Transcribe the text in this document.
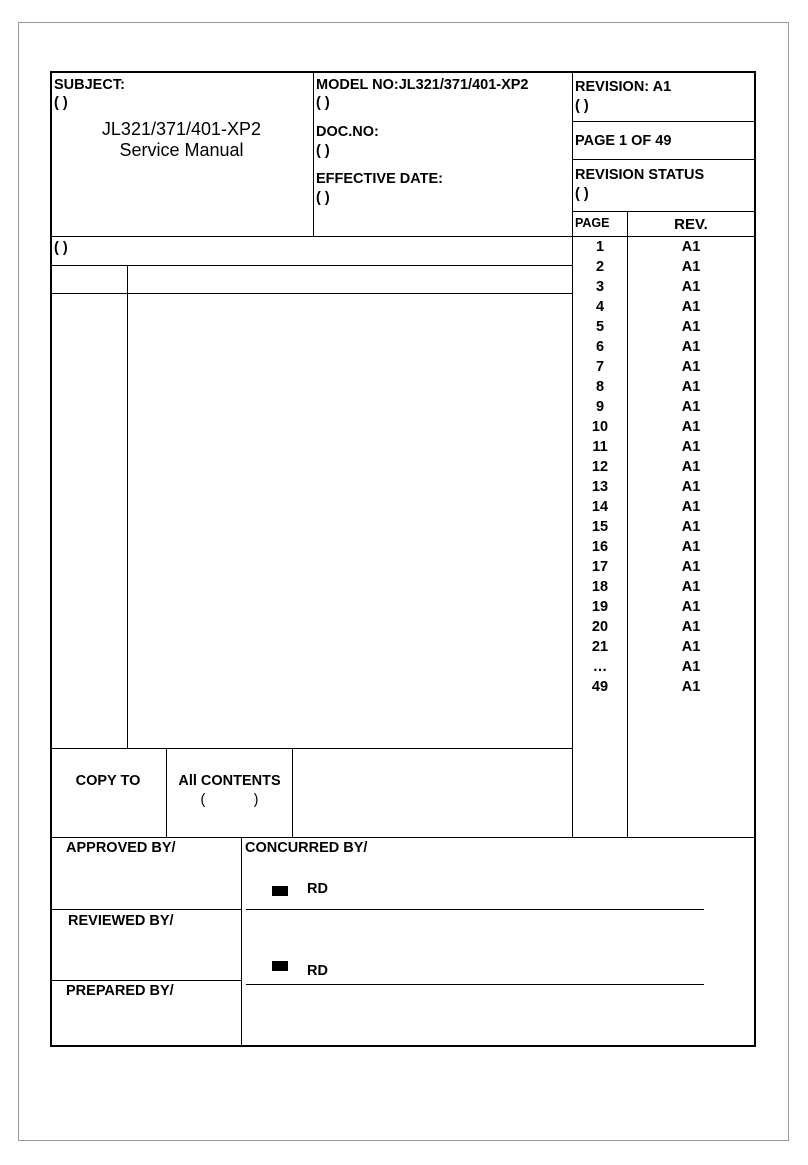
SUBJECT:
( )
JL321/371/401-XP2
Service Manual
MODEL NO:JL321/371/401-XP2
( )
DOC.NO:
( )
EFFECTIVE DATE:
( )
REVISION: A1
( )
PAGE 1 OF 49
REVISION STATUS
( )
PAGE	REV.
1	A1
2	A1
3	A1
4	A1
5	A1
6	A1
7	A1
8	A1
9	A1
10	A1
11	A1
12	A1
13	A1
14	A1
15	A1
16	A1
17	A1
18	A1
19	A1
20	A1
21	A1
…	A1
49	A1
( )
COPY TO	All CONTENTS
(            )
APPROVED BY/	CONCURRED BY/
REVIEWED BY/
PREPARED BY/
RD
RD
